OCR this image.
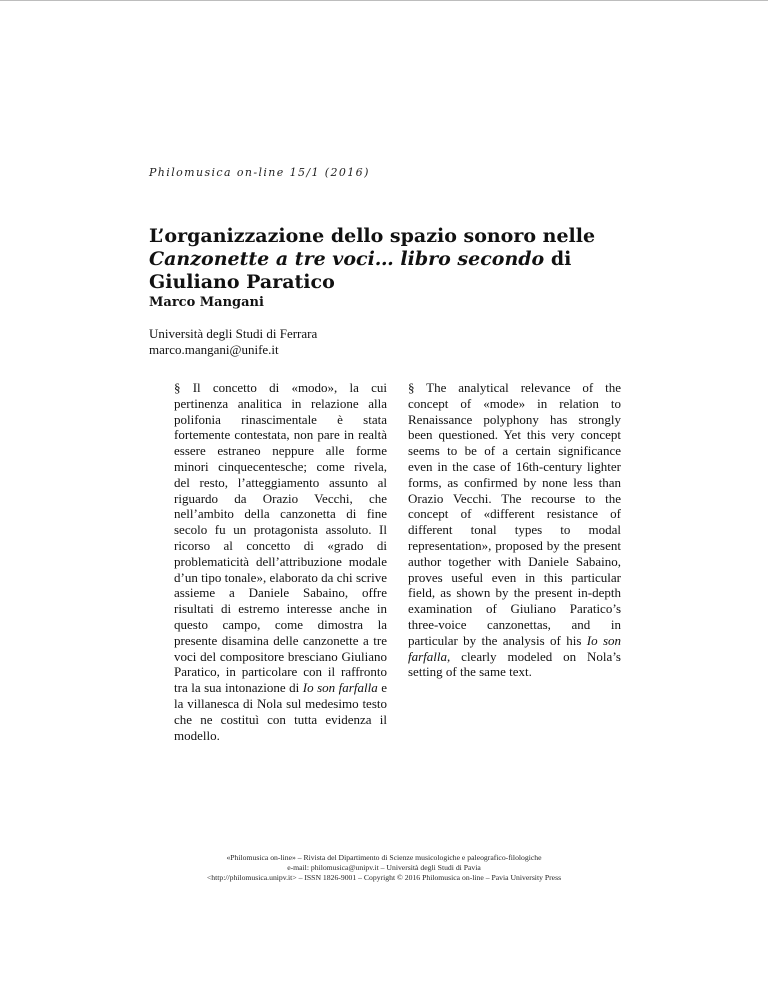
Philomusica on-line 15/1 (2016)
L’organizzazione dello spazio sonoro nelle
Canzonette a tre voci… libro secondo di
Giuliano Paratico
Marco Mangani
Università degli Studi di Ferrara
marco.mangani@unife.it
§ Il concetto di «modo», la cui pertinenza analitica in relazione alla polifonia rinascimentale è stata fortemente contestata, non pare in realtà essere estraneo neppure alle forme minori cinquecentesche; come rivela, del resto, l’atteggiamento assunto al riguardo da Orazio Vecchi, che nell’ambito della canzonetta di fine secolo fu un protagonista assoluto. Il ricorso al concetto di «grado di problematicità dell’attribuzione modale d’un tipo tonale», elaborato da chi scrive assieme a Daniele Sabaino, offre risultati di estremo interesse anche in questo campo, come dimostra la presente disamina delle canzonette a tre voci del compositore bresciano Giuliano Paratico, in particolare con il raffronto tra la sua intonazione di Io son farfalla e la villanesca di Nola sul medesimo testo che ne costituì con tutta evidenza il modello.
§ The analytical relevance of the concept of «mode» in relation to Renaissance polyphony has strongly been questioned. Yet this very concept seems to be of a certain significance even in the case of 16th-century lighter forms, as confirmed by none less than Orazio Vecchi. The recourse to the concept of «different resistance of different tonal types to modal representation», proposed by the present author together with Daniele Sabaino, proves useful even in this particular field, as shown by the present in-depth examination of Giuliano Paratico’s three-voice canzonettas, and in particular by the analysis of his Io son farfalla, clearly modeled on Nola’s setting of the same text.
«Philomusica on-line» – Rivista del Dipartimento di Scienze musicologiche e paleografico-filologiche
e-mail: philomusica@unipv.it – Università degli Studi di Pavia
<http://philomusica.unipv.it> – ISSN 1826-9001 – Copyright © 2016 Philomusica on-line – Pavia University Press
